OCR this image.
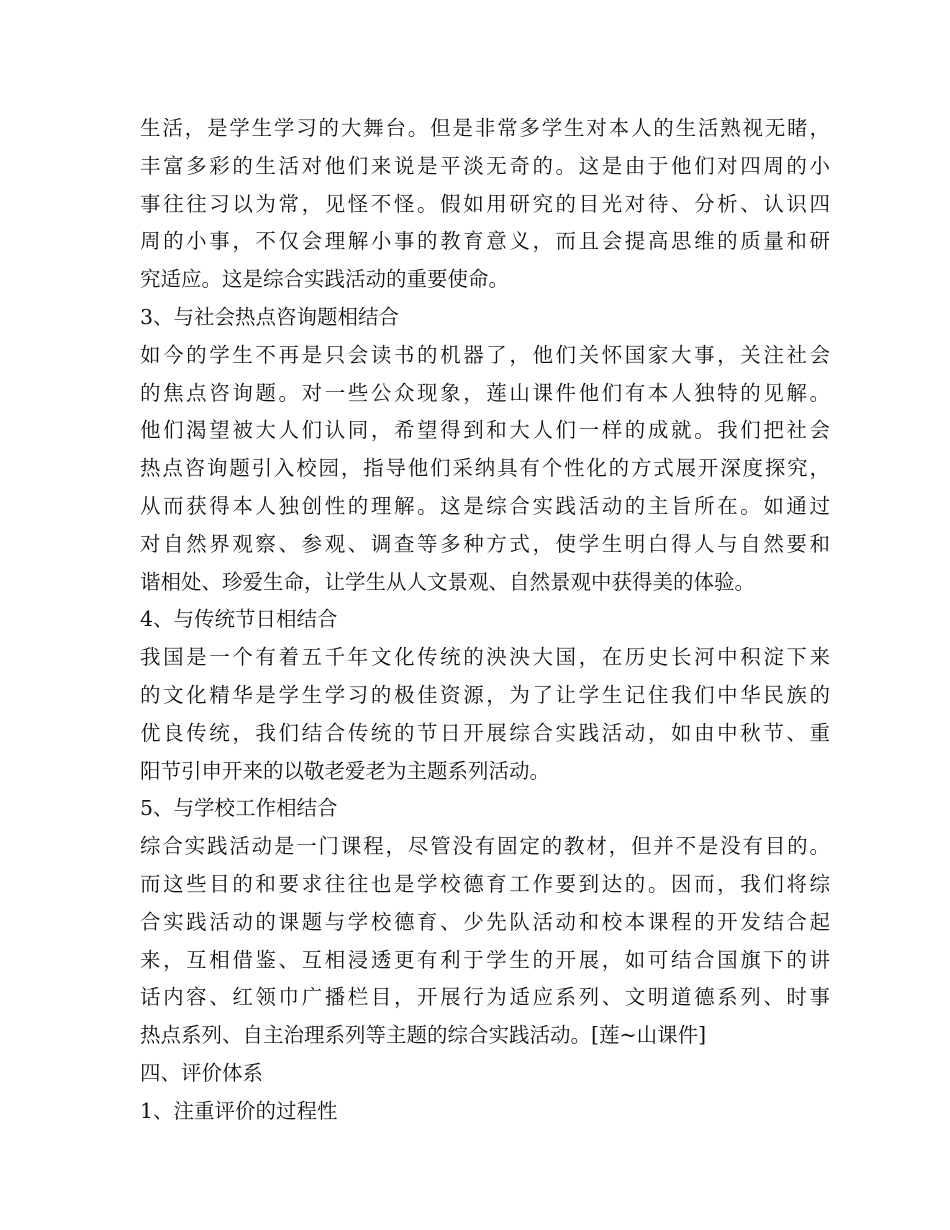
生活，是学生学习的大舞台。但是非常多学生对本人的生活熟视无睹，
丰富多彩的生活对他们来说是平淡无奇的。这是由于他们对四周的小
事往往习以为常，见怪不怪。假如用研究的目光对待、分析、认识四
周的小事，不仅会理解小事的教育意义，而且会提高思维的质量和研
究适应。这是综合实践活动的重要使命。
3、与社会热点咨询题相结合
如今的学生不再是只会读书的机器了，他们关怀国家大事，关注社会
的焦点咨询题。对一些公众现象，莲山课件他们有本人独特的见解。
他们渴望被大人们认同，希望得到和大人们一样的成就。我们把社会
热点咨询题引入校园，指导他们采纳具有个性化的方式展开深度探究，
从而获得本人独创性的理解。这是综合实践活动的主旨所在。如通过
对自然界观察、参观、调查等多种方式，使学生明白得人与自然要和
谐相处、珍爱生命，让学生从人文景观、自然景观中获得美的体验。
4、与传统节日相结合
我国是一个有着五千年文化传统的泱泱大国，在历史长河中积淀下来
的文化精华是学生学习的极佳资源，为了让学生记住我们中华民族的
优良传统，我们结合传统的节日开展综合实践活动，如由中秋节、重
阳节引申开来的以敬老爱老为主题系列活动。
5、与学校工作相结合
综合实践活动是一门课程，尽管没有固定的教材，但并不是没有目的。
而这些目的和要求往往也是学校德育工作要到达的。因而，我们将综
合实践活动的课题与学校德育、少先队活动和校本课程的开发结合起
来，互相借鉴、互相浸透更有利于学生的开展，如可结合国旗下的讲
话内容、红领巾广播栏目，开展行为适应系列、文明道德系列、时事
热点系列、自主治理系列等主题的综合实践活动。[莲~山课件]
四、评价体系
1、注重评价的过程性
